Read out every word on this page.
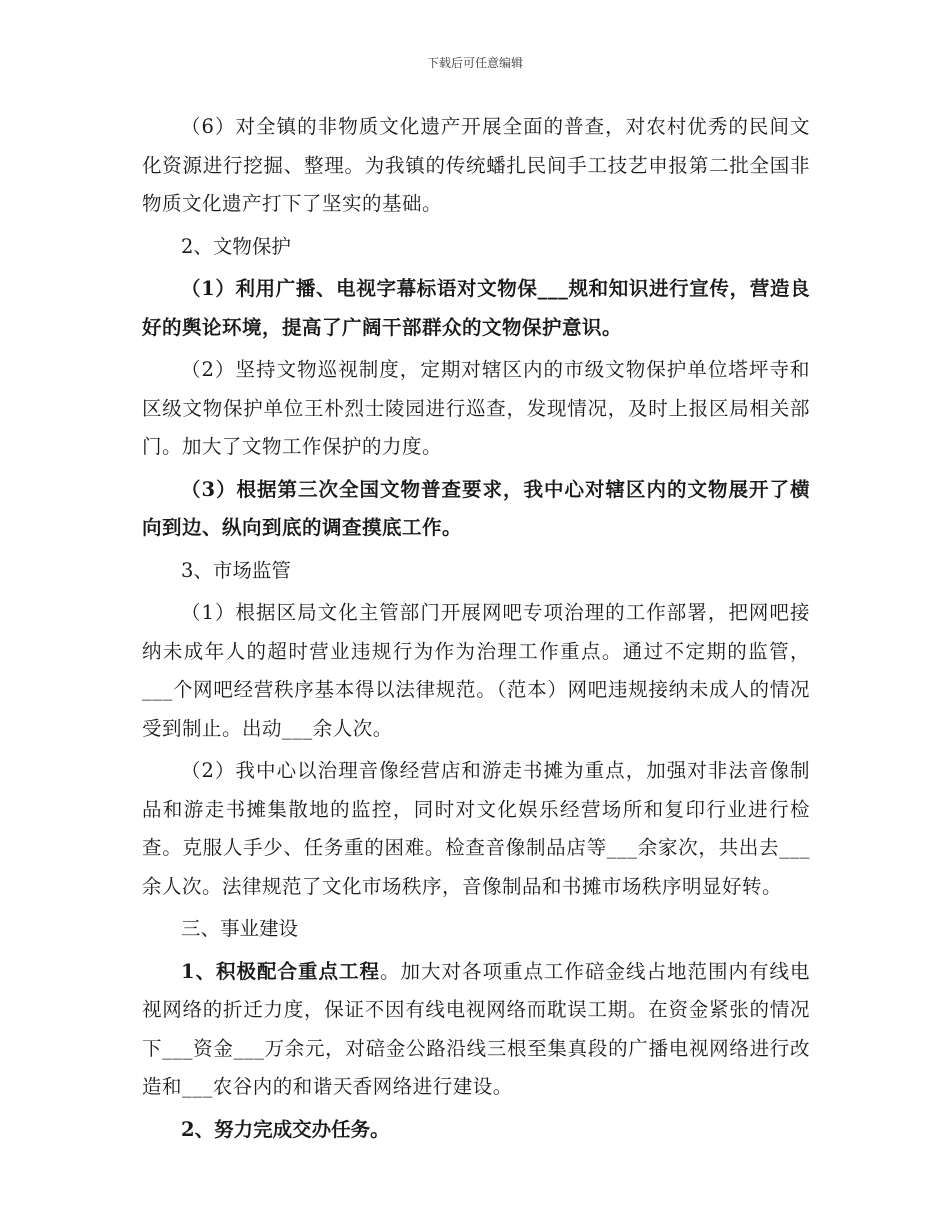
下载后可任意编辑

（6）对全镇的非物质文化遗产开展全面的普查，对农村优秀的民间文化资源进行挖掘、整理。为我镇的传统蟠扎民间手工技艺申报第二批全国非物质文化遗产打下了坚实的基础。

2、文物保护

（1）利用广播、电视字幕标语对文物保___规和知识进行宣传，营造良好的舆论环境，提高了广阔干部群众的文物保护意识。

（2）坚持文物巡视制度，定期对辖区内的市级文物保护单位塔坪寺和区级文物保护单位王朴烈士陵园进行巡查，发现情况，及时上报区局相关部门。加大了文物工作保护的力度。

（3）根据第三次全国文物普查要求，我中心对辖区内的文物展开了横向到边、纵向到底的调查摸底工作。

3、市场监管

（1）根据区局文化主管部门开展网吧专项治理的工作部署，把网吧接纳未成年人的超时营业违规行为作为治理工作重点。通过不定期的监管，___个网吧经营秩序基本得以法律规范。（范本）网吧违规接纳未成人的情况受到制止。出动___余人次。

（2）我中心以治理音像经营店和游走书摊为重点，加强对非法音像制品和游走书摊集散地的监控，同时对文化娱乐经营场所和复印行业进行检查。克服人手少、任务重的困难。检查音像制品店等___余家次，共出去___余人次。法律规范了文化市场秩序，音像制品和书摊市场秩序明显好转。

三、事业建设

1、积极配合重点工程。加大对各项重点工作碚金线占地范围内有线电视网络的折迁力度，保证不因有线电视网络而耽误工期。在资金紧张的情况下___资金___万余元，对碚金公路沿线三根至集真段的广播电视网络进行改造和___农谷内的和谐天香网络进行建设。

2、努力完成交办任务。
